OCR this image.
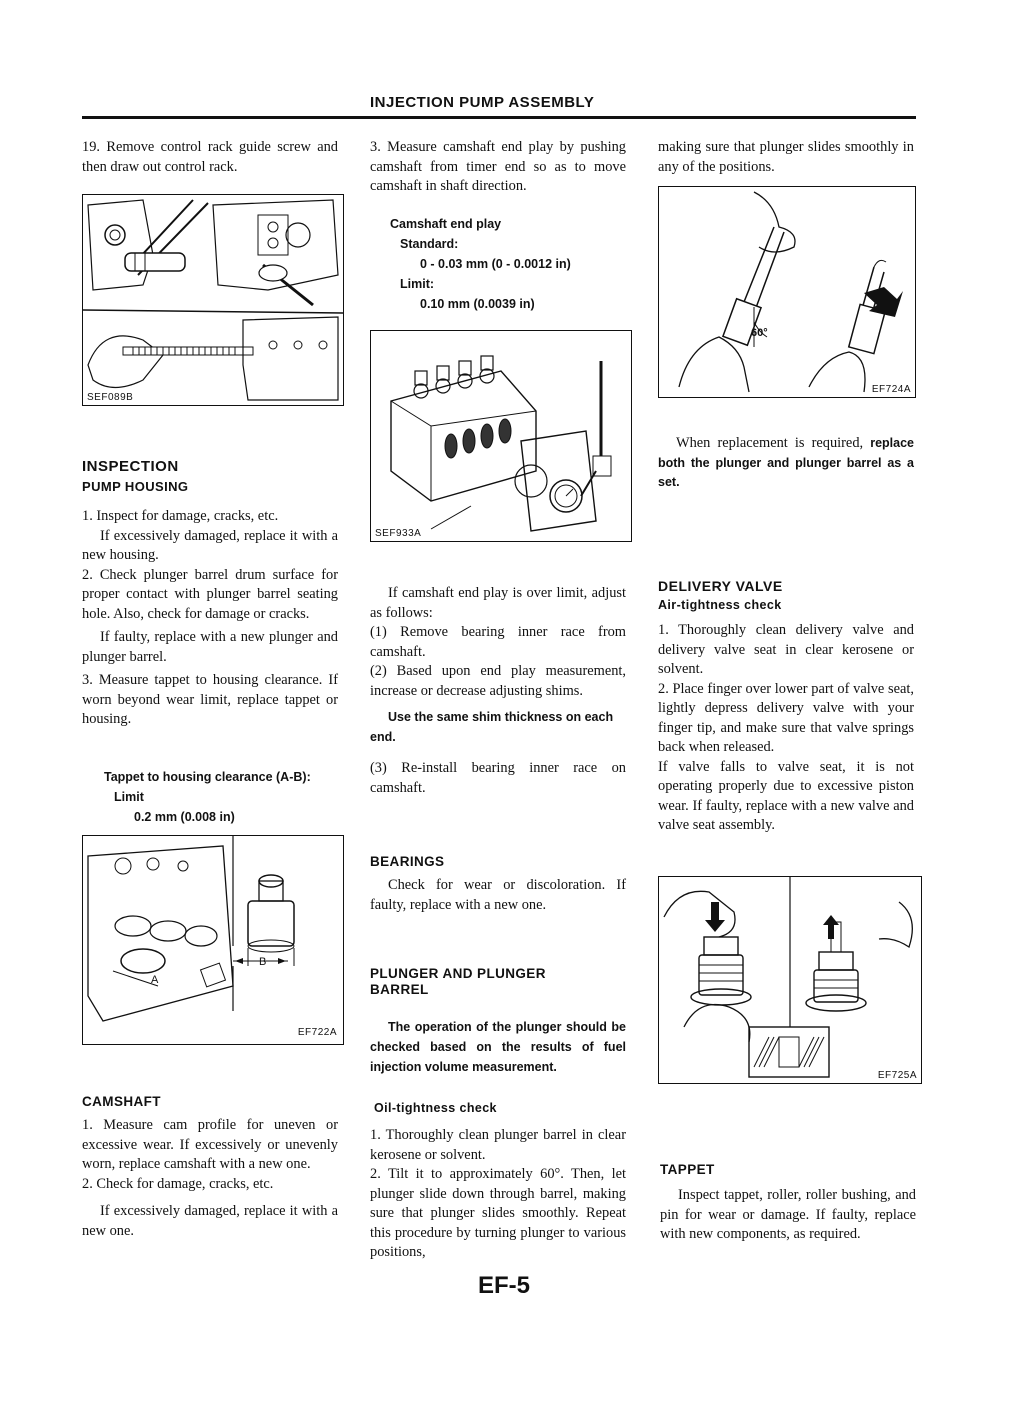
INJECTION PUMP ASSEMBLY

19. Remove control rack guide screw and then draw out control rack.

SEF089B

INSPECTION

PUMP HOUSING

1. Inspect for damage, cracks, etc.

If excessively damaged, replace it with a new housing.

2. Check plunger barrel drum surface for proper contact with plunger barrel seating hole. Also, check for damage or cracks.

If faulty, replace with a new plunger and plunger barrel.

3. Measure tappet to housing clearance. If worn beyond wear limit, replace tappet or housing.

Tappet to housing clearance (A-B):
Limit
0.2 mm (0.008 in)
A
B
EF722A

CAMSHAFT

1. Measure cam profile for uneven or excessive wear. If excessively or unevenly worn, replace camshaft with a new one.

2. Check for damage, cracks, etc.

If excessively damaged, replace it with a new one.

3. Measure camshaft end play by pushing camshaft from timer end so as to move camshaft in shaft direction.

Camshaft end play
Standard:
0 - 0.03 mm (0 - 0.0012 in)
Limit:
0.10 mm (0.0039 in)
SEF933A

If camshaft end play is over limit, adjust as follows:

(1) Remove bearing inner race from camshaft.

(2) Based upon end play measurement, increase or decrease adjusting shims.

Use the same shim thickness on each end.

(3) Re-install bearing inner race on camshaft.

BEARINGS

Check for wear or discoloration. If faulty, replace with a new one.

PLUNGER AND PLUNGER BARREL

The operation of the plunger should be checked based on the results of fuel injection volume measurement.

Oil-tightness check

1. Thoroughly clean plunger barrel in clear kerosene or solvent.

2. Tilt it to approximately 60°. Then, let plunger slide down through barrel, making sure that plunger slides smoothly. Repeat this procedure by turning plunger to various positions,

making sure that plunger slides smoothly in any of the positions.

60°
EF724A
When replacement is required, replace both the plunger and plunger barrel as a set.

DELIVERY VALVE

Air-tightness check

1. Thoroughly clean delivery valve and delivery valve seat in clear kerosene or solvent.

2. Place finger over lower part of valve seat, lightly depress delivery valve with your finger tip, and make sure that valve springs back when released.

If valve falls to valve seat, it is not operating properly due to excessive piston wear. If faulty, replace with a new valve and valve seat assembly.

EF725A

TAPPET

Inspect tappet, roller, roller bushing, and pin for wear or damage. If faulty, replace with new components, as required.

EF-5
